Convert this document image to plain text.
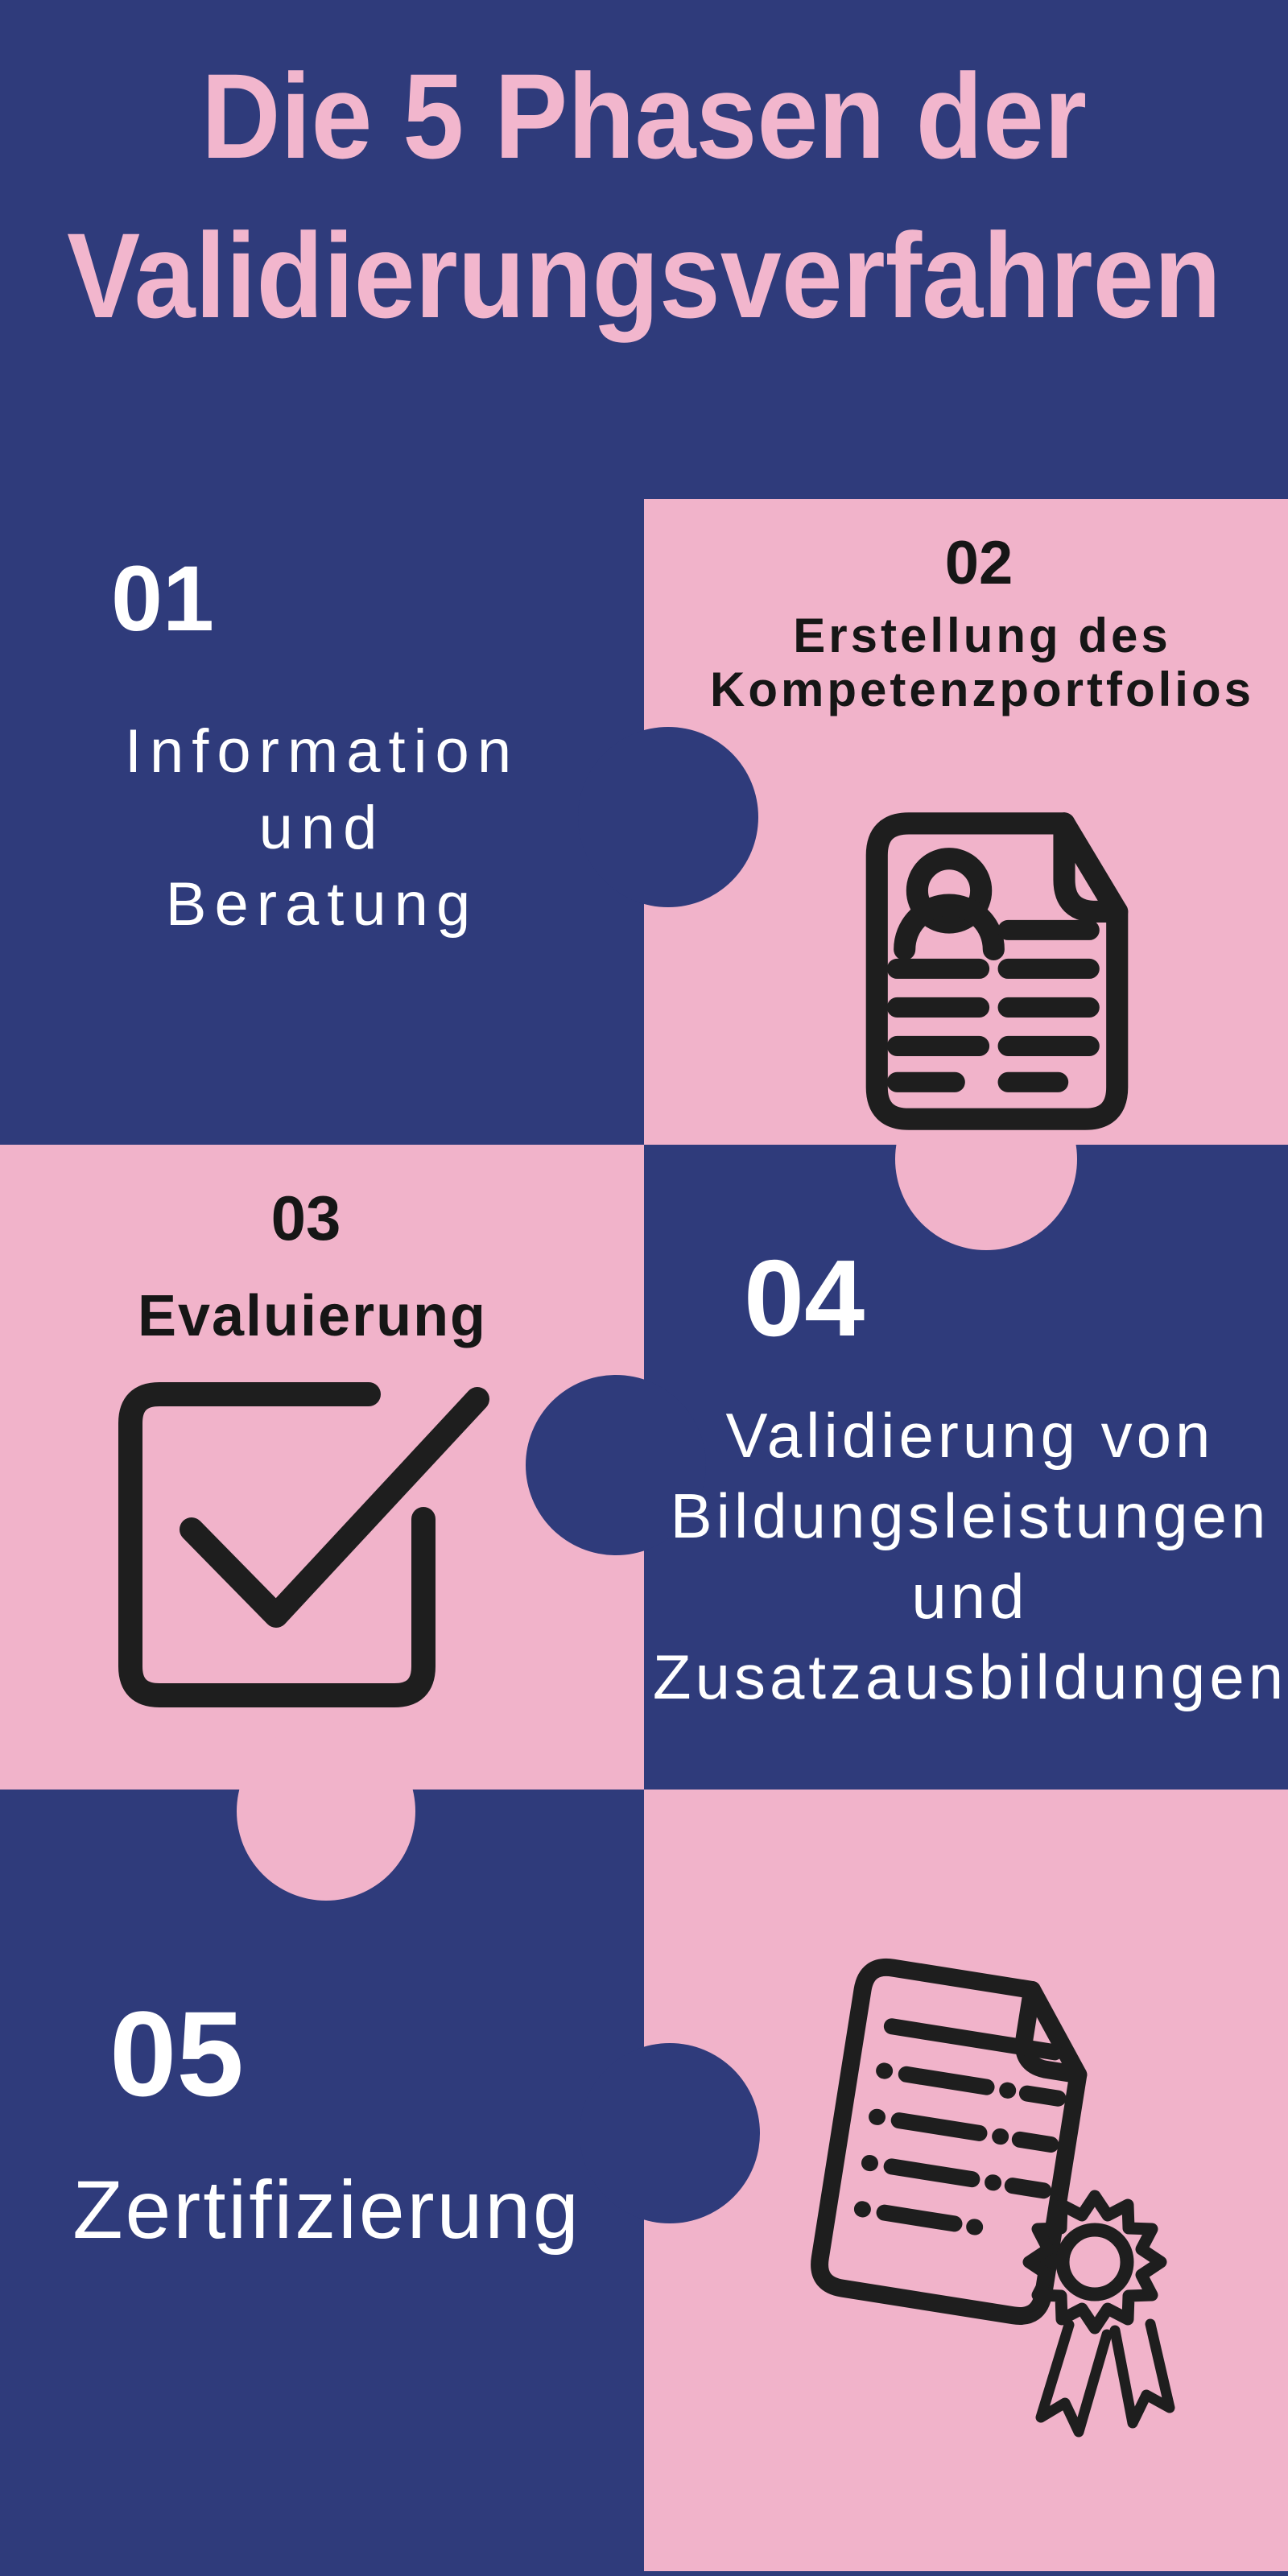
Die 5 Phasen der
Validierungsverfahren
01
Information
und
Beratung
02
Erstellung des
Kompetenzportfolios
03
Evaluierung	04
Validierung von
Bildungsleistungen
und
Zusatzausbildungen
05
Zertifizierung
